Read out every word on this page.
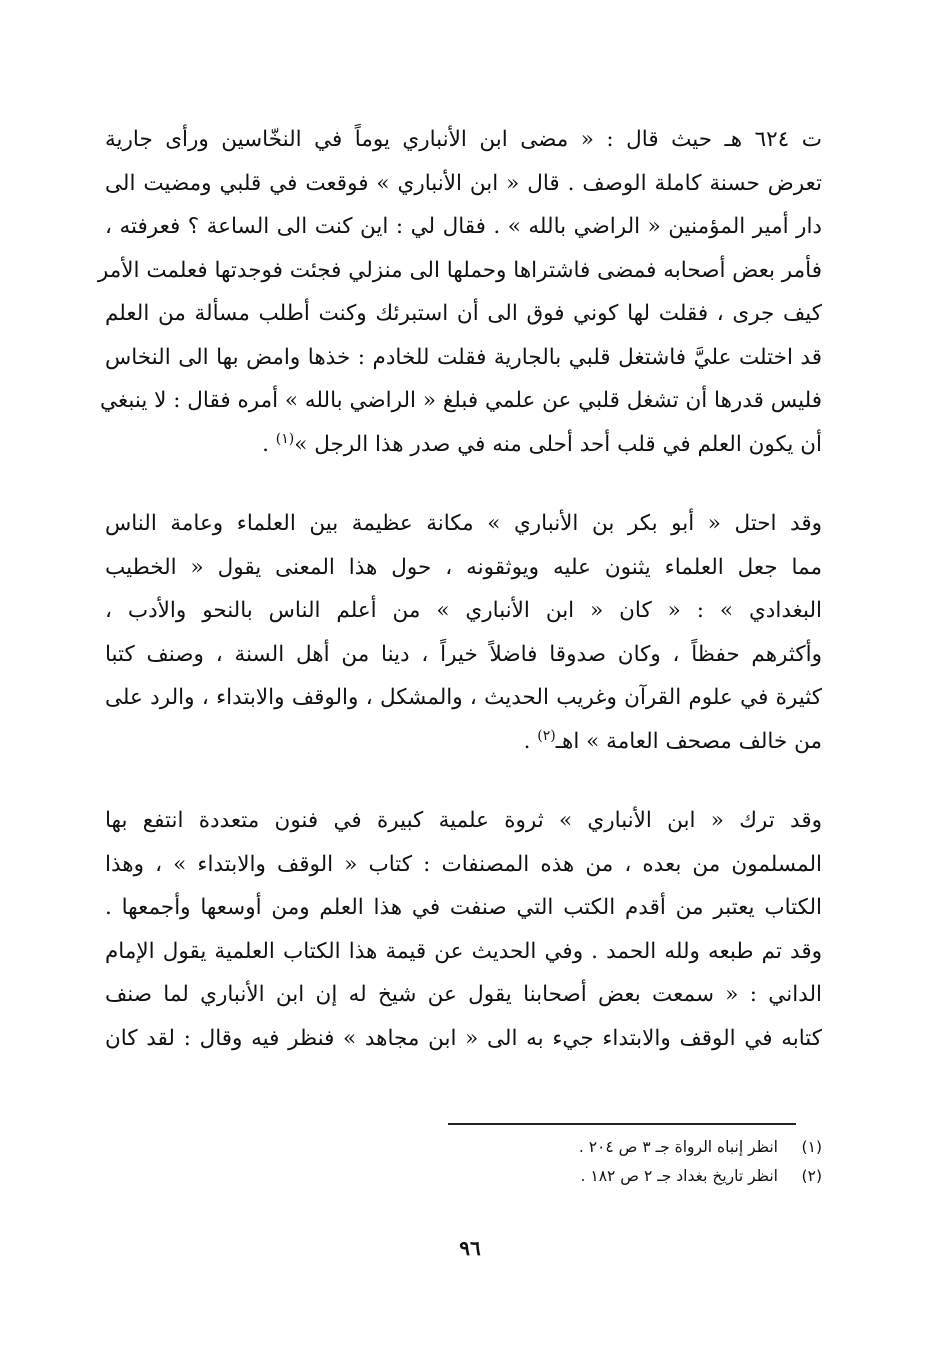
ت ٦٢٤ هـ حيث قال : « مضى ابن الأنباري يوماً في النخّاسين ورأى جارية
تعرض حسنة كاملة الوصف . قال « ابن الأنباري » فوقعت في قلبي ومضيت الى
دار أمير المؤمنين « الراضي بالله » . فقال لي : اين كنت الى الساعة ؟ فعرفته ،
فأمر بعض أصحابه فمضى فاشتراها وحملها الى منزلي فجئت فوجدتها فعلمت الأمر
كيف جرى ، فقلت لها كوني فوق الى أن استبرئك وكنت أطلب مسألة من العلم
قد اختلت عليَّ فاشتغل قلبي بالجارية فقلت للخادم : خذها وامض بها الى النخاس
فليس قدرها أن تشغل قلبي عن علمي فبلغ « الراضي بالله » أمره فقال : لا ينبغي
أن يكون العلم في قلب أحد أحلى منه في صدر هذا الرجل »$^{(١)}$ .

وقد احتل « أبو بكر بن الأنباري » مكانة عظيمة بين العلماء وعامة الناس
مما جعل العلماء يثنون عليه ويوثقونه ، حول هذا المعنى يقول « الخطيب
البغدادي » : « كان « ابن الأنباري » من أعلم الناس بالنحو والأدب ،
وأكثرهم حفظاً ، وكان صدوقا فاضلاً خيراً ، دينا من أهل السنة ، وصنف كتبا
كثيرة في علوم القرآن وغريب الحديث ، والمشكل ، والوقف والابتداء ، والرد على
من خالف مصحف العامة » اهـ$^{(٢)}$ .

وقد ترك « ابن الأنباري » ثروة علمية كبيرة في فنون متعددة انتفع بها
المسلمون من بعده ، من هذه المصنفات : كتاب « الوقف والابتداء » ، وهذا
الكتاب يعتبر من أقدم الكتب التي صنفت في هذا العلم ومن أوسعها وأجمعها .
وقد تم طبعه ولله الحمد . وفي الحديث عن قيمة هذا الكتاب العلمية يقول الإمام
الداني : « سمعت بعض أصحابنا يقول عن شيخ له إن ابن الأنباري لما صنف
كتابه في الوقف والابتداء جيء به الى « ابن مجاهد » فنظر فيه وقال : لقد كان

(١)
انظر إنباه الرواة جـ ٣ ص ٢٠٤ .
(٢)
انظر تاريخ بغداد جـ ٢ ص ١٨٢ .
٩٦
